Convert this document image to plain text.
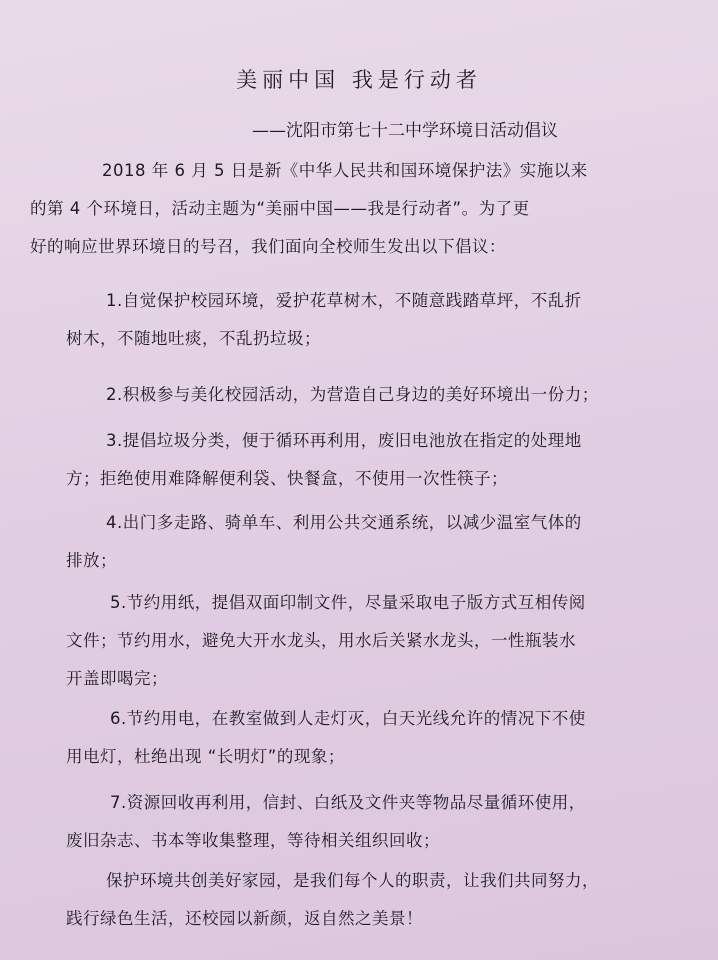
美丽中国 我是行动者
——沈阳市第七十二中学环境日活动倡议

2018 年 6 月 5 日是新《中华人民共和国环境保护法》实施以来
的第 4 个环境日，活动主题为“美丽中国——我是行动者”。为了更
好的响应世界环境日的号召，我们面向全校师生发出以下倡议：

1.自觉保护校园环境，爱护花草树木，不随意践踏草坪，不乱折
树木，不随地吐痰，不乱扔垃圾；

2.积极参与美化校园活动，为营造自己身边的美好环境出一份力；

3.提倡垃圾分类，便于循环再利用，废旧电池放在指定的处理地
方；拒绝使用难降解便利袋、快餐盒，不使用一次性筷子；

4.出门多走路、骑单车、利用公共交通系统，以减少温室气体的
排放；

5.节约用纸，提倡双面印制文件，尽量采取电子版方式互相传阅
文件；节约用水，避免大开水龙头，用水后关紧水龙头，一性瓶装水
开盖即喝完；

6.节约用电，在教室做到人走灯灭，白天光线允许的情况下不使
用电灯，杜绝出现 “长明灯”的现象；

7.资源回收再利用，信封、白纸及文件夹等物品尽量循环使用，
废旧杂志、书本等收集整理，等待相关组织回收；

保护环境共创美好家园，是我们每个人的职责，让我们共同努力，
践行绿色生活，还校园以新颜，返自然之美景！
